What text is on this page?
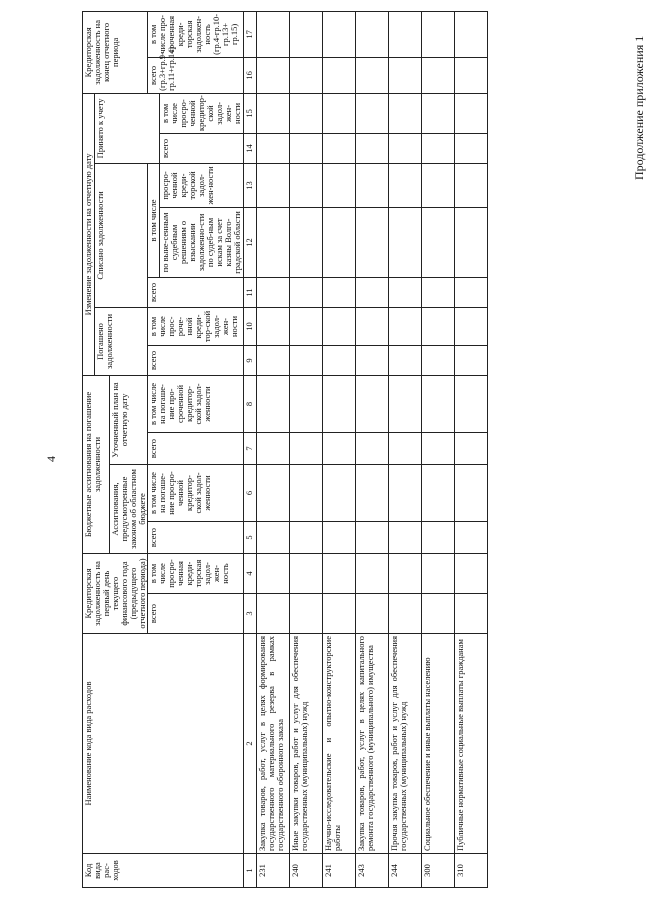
4
Продолжение приложения 1
Код вида рас-ходов	Наименование кода вида расходов	Кредиторская задолженность на первый день текущего финансового года (предыдущего отчетного периода)		Бюджетные ассигнования на погашение задолженности				Изменение задолженности на отчетную дату							Кредиторская задолженность на конец отчетного периода	
								Погашено задолженности		Списано задолженности			Принято к учету			
				Ассигнования, предусмотренные законом об областном бюджете		Уточненный план на отчетную дату										
		всего	в том числе просро-ченная креди-торская задол-жен-ность	всего	в том числе на погаше-ние просро-ченной кредитор-ской задол-женности	всего	в том числе на погаше-ние про-сроченной кредитор-ской задол-женности	всего	в том числе прос-роче-нной креди-тор-ской задол-жен-ности	всего	в том числе				всего (гр.3+гр.9-гр.11+гр.14)	в том числе про-сроченная креди-торская задолжен-ность (гр.4-гр.10-гр.13+ гр.15)
											по выне-сенным судебным решениям о взыскании задолженно-сти по судеб-ным искам за счет казны Волго-градской области	просро-ченной креди-торской задол-жен-ности	всего	в том числе просро-ченной кредитор-ской задол-жен-ности		
1	2	3	4	5	6	7	8	9	10	11	12	13	14	15	16	17
231	Закупка товаров, работ, услуг в целях формирования государственного материального резерва в рамках государственного оборонного заказа															
240	Иные закупки товаров, работ и услуг для обеспечения государственных (муниципальных) нужд															
241	Научно-исследовательские и опытно-конструкторские работы															
243	Закупка товаров, работ, услуг в целях капитального ремонта государственного (муниципального) имущества															
244	Прочая закупка товаров, работ и услуг для обеспечения государственных (муниципальных) нужд															
300	Социальное обеспечение и иные выплаты населению															
310	Публичные нормативные социальные выплаты гражданам															
